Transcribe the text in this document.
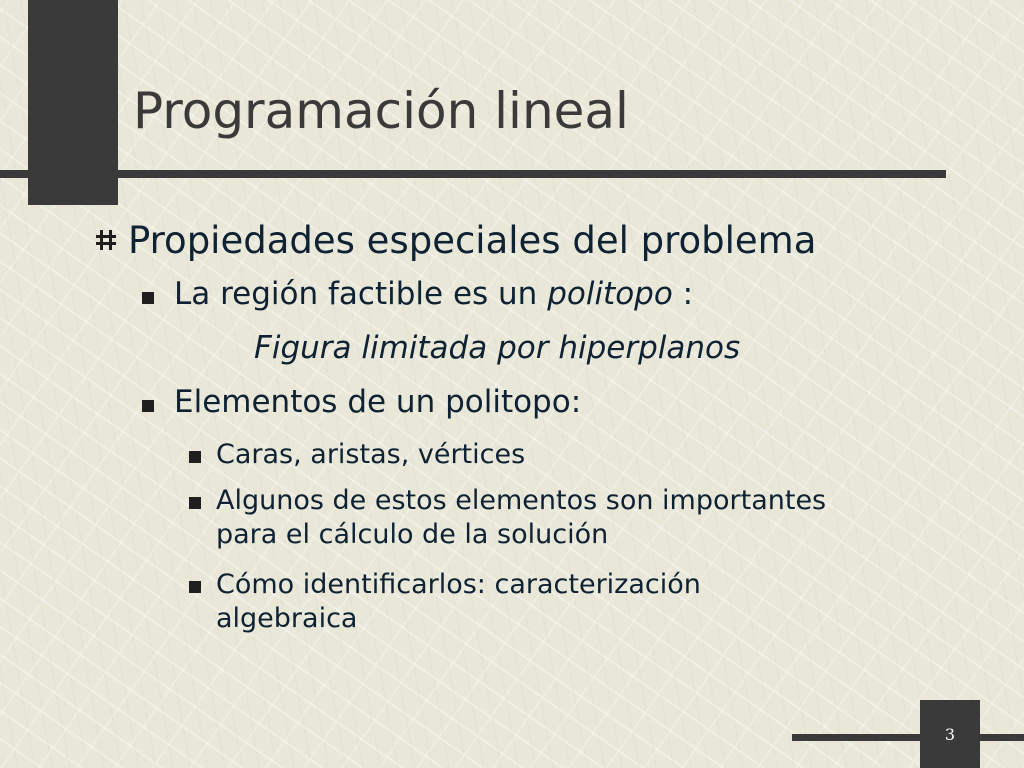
3
Programación lineal
Propiedades especiales del problema
La región factible es un politopo :
Figura limitada por hiperplanos
Elementos de un politopo:
Caras, aristas, vértices
Algunos de estos elementos son importantes
para el cálculo de la solución
Cómo identificarlos: caracterización
algebraica
